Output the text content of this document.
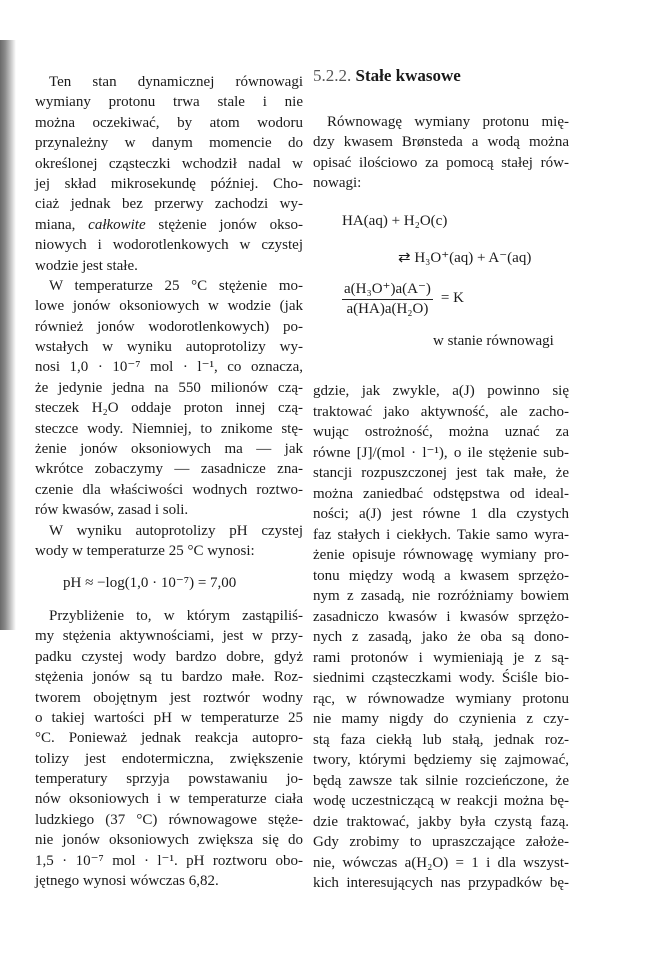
Ten stan dynamicznej równowagi
wymiany protonu trwa stale i nie
można oczekiwać, by atom wodoru
przynależny w danym momencie do
określonej cząsteczki wchodził nadal w
jej skład mikrosekundę później. Cho-
ciaż jednak bez przerwy zachodzi wy-
miana, całkowite stężenie jonów okso-
niowych i wodorotlenkowych w czystej
wodzie jest stałe.
W temperaturze 25 °C stężenie mo-
lowe jonów oksoniowych w wodzie (jak
również jonów wodorotlenkowych) po-
wstałych w wyniku autoprotolizy wy-
nosi 1,0 · 10⁻⁷ mol · l⁻¹, co oznacza,
że jedynie jedna na 550 milionów czą-
steczek H₂O oddaje proton innej czą-
steczce wody. Niemniej, to znikome stę-
żenie jonów oksoniowych ma — jak
wkrótce zobaczymy — zasadnicze zna-
czenie dla właściwości wodnych roztwo-
rów kwasów, zasad i soli.
W wyniku autoprotolizy pH czystej
wody w temperaturze 25 °C wynosi:
pH ≈ −log(1,0 · 10⁻⁷) = 7,00
Przybliżenie to, w którym zastąpiliś-
my stężenia aktywnościami, jest w przy-
padku czystej wody bardzo dobre, gdyż
stężenia jonów są tu bardzo małe. Roz-
tworem obojętnym jest roztwór wodny
o takiej wartości pH w temperaturze 25
°C. Ponieważ jednak reakcja autopro-
tolizy jest endotermiczna, zwiększenie
temperatury sprzyja powstawaniu jo-
nów oksoniowych i w temperaturze ciała
ludzkiego (37 °C) równowagowe stęże-
nie jonów oksoniowych zwiększa się do
1,5 · 10⁻⁷ mol · l⁻¹. pH roztworu obo-
jętnego wynosi wówczas 6,82.
5.2.2. Stałe kwasowe
Równowagę wymiany protonu mię-
dzy kwasem Brønsteda a wodą można
opisać ilościowo za pomocą stałej rów-
nowagi:
HA(aq) + H₂O(c)
⇄ H₃O⁺(aq) + A⁻(aq)
$\frac{\text{a(H₃O⁺)a(A⁻)}}{\text{a(HA)a(H₂O)}} = K$
w stanie równowagi
gdzie, jak zwykle, a(J) powinno się
traktować jako aktywność, ale zacho-
wując ostrożność, można uznać za
równe [J]/(mol · l⁻¹), o ile stężenie sub-
stancji rozpuszczonej jest tak małe, że
można zaniedbać odstępstwa od ideal-
ności; a(J) jest równe 1 dla czystych
faz stałych i ciekłych. Takie samo wyra-
żenie opisuje równowagę wymiany pro-
tonu między wodą a kwasem sprzężo-
nym z zasadą, nie rozróżniamy bowiem
zasadniczo kwasów i kwasów sprzężo-
nych z zasadą, jako że oba są dono-
rami protonów i wymieniają je z są-
siednimi cząsteczkami wody. Ściśle bio-
rąc, w równowadze wymiany protonu
nie mamy nigdy do czynienia z czy-
stą faza ciekłą lub stałą, jednak roz-
twory, którymi będziemy się zajmować,
będą zawsze tak silnie rozcieńczone, że
wodę uczestniczącą w reakcji można bę-
dzie traktować, jakby była czystą fazą.
Gdy zrobimy to upraszczające założe-
nie, wówczas a(H₂O) = 1 i dla wszyst-
kich interesujących nas przypadków bę-
